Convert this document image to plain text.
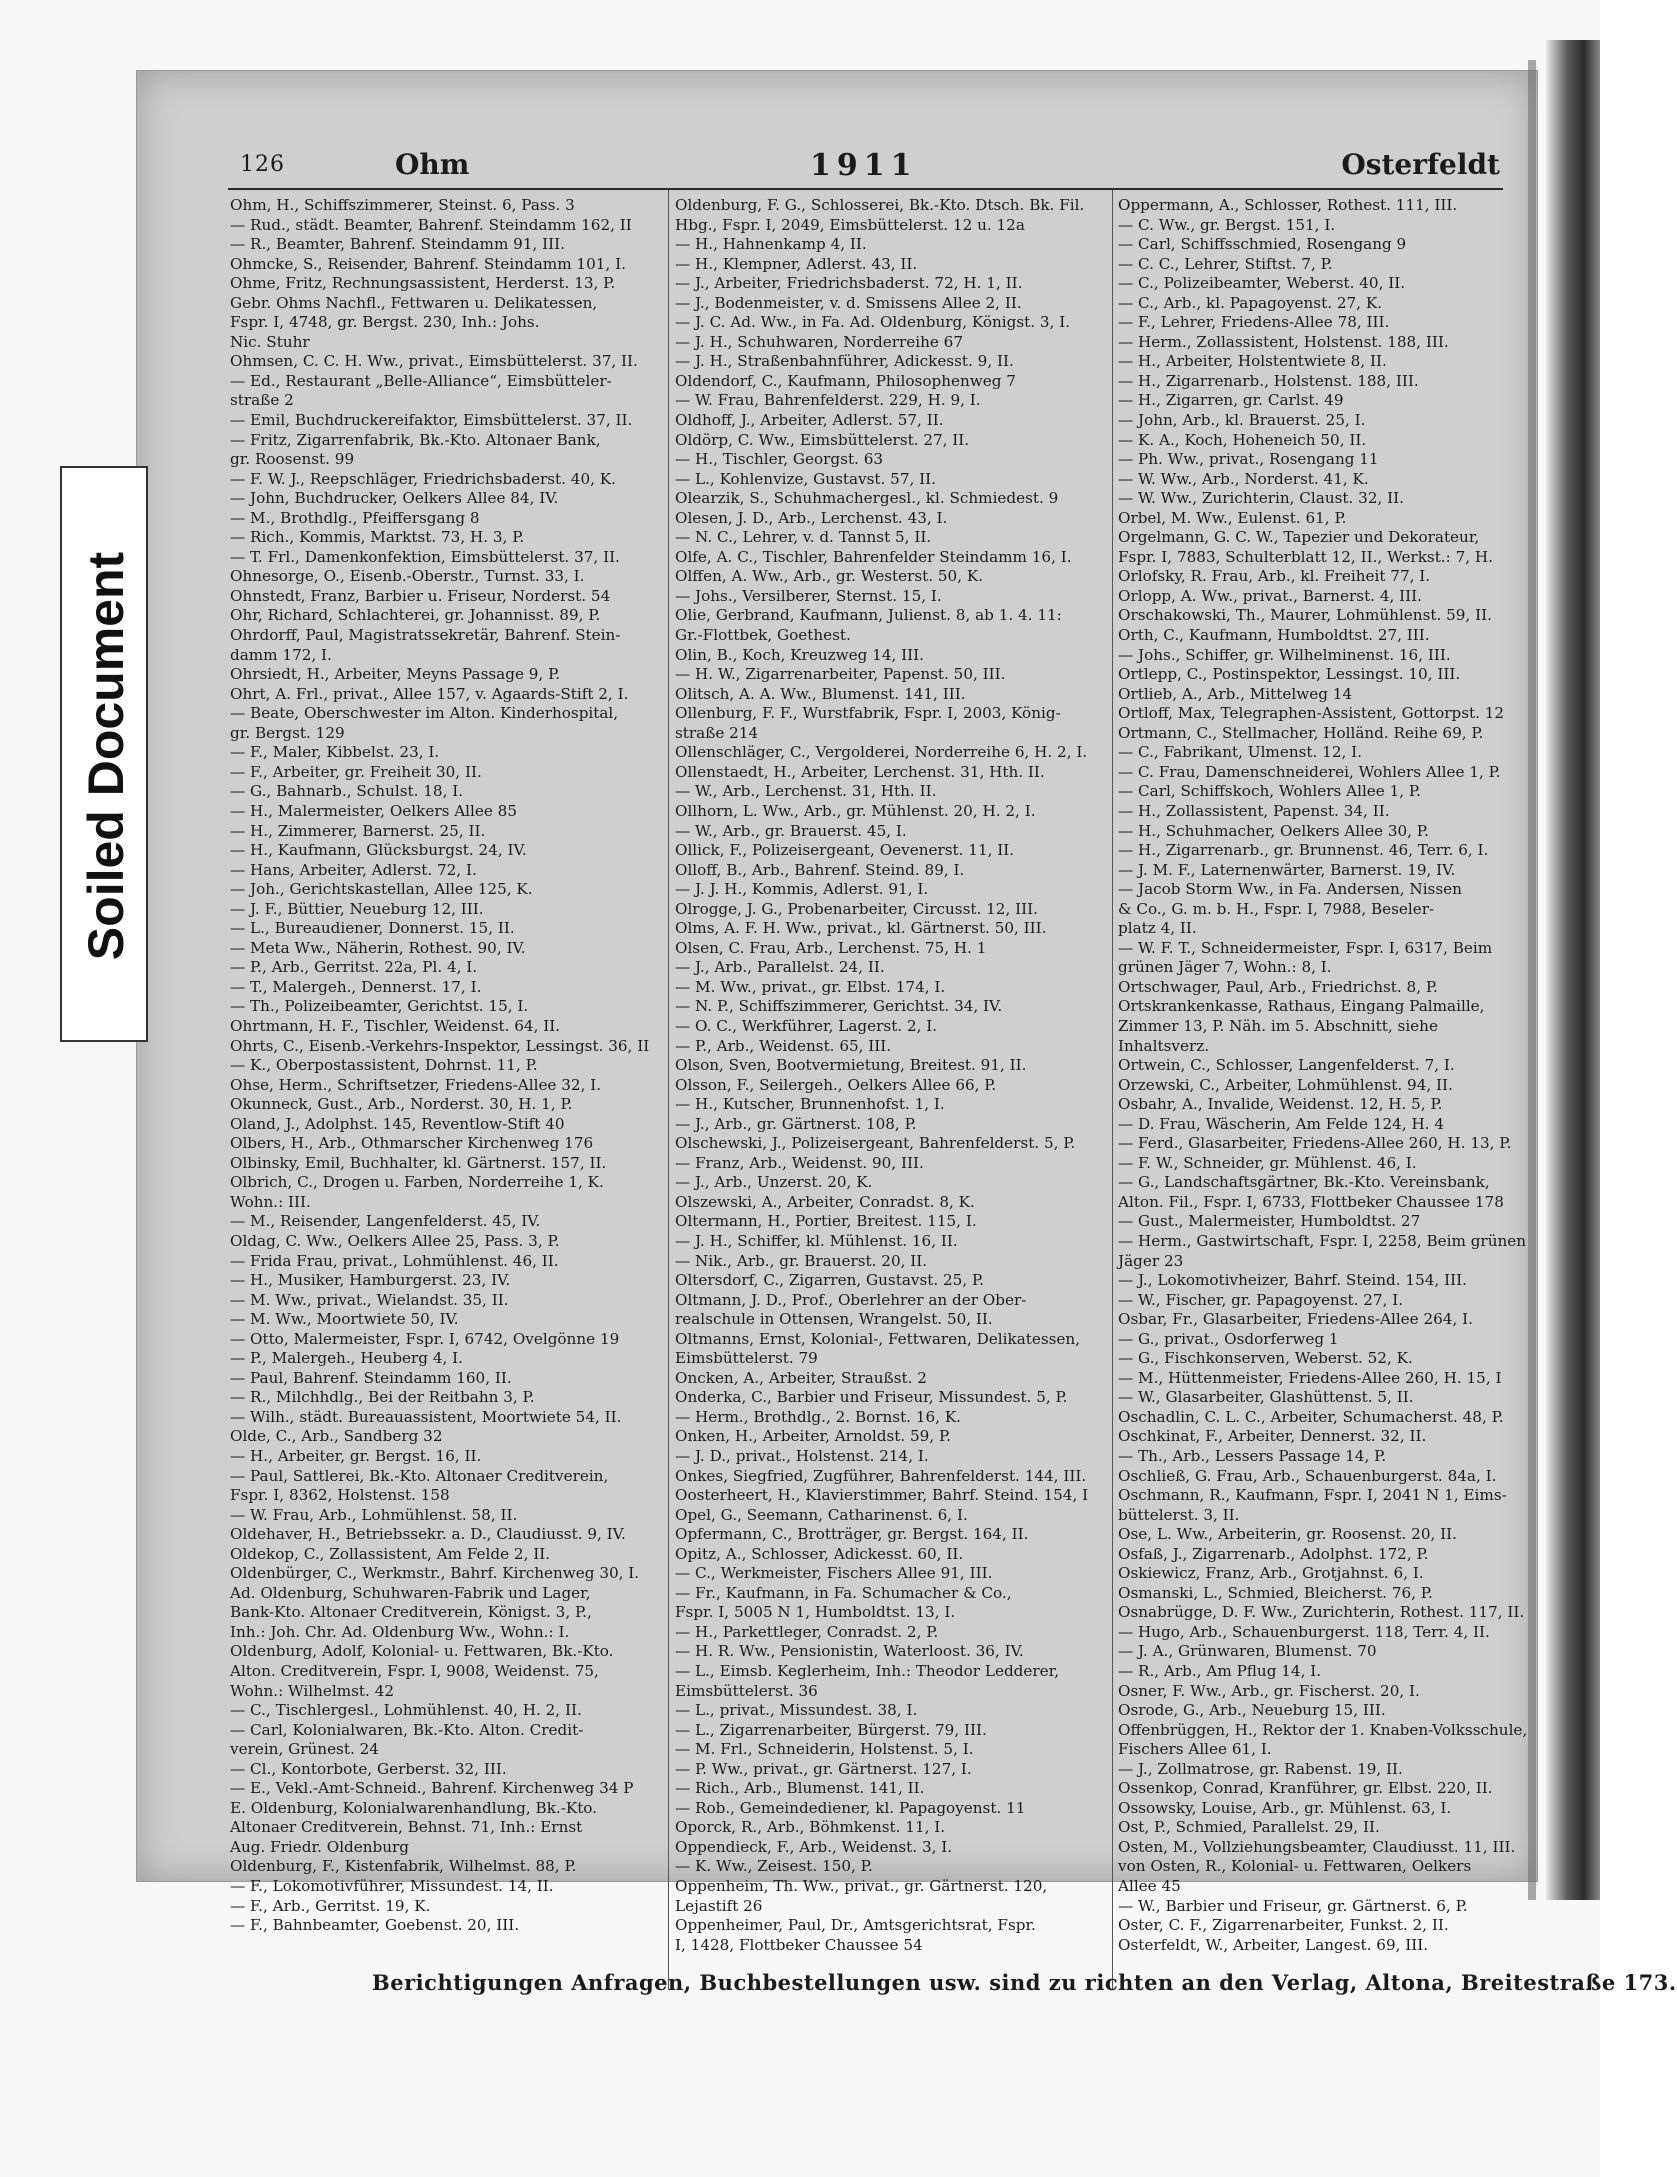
126	Ohm	1911	Osterfeldt
Ohm, H., Schiffszimmerer, Steinst. 6, Pass. 3
— Rud., städt. Beamter, Bahrenf. Steindamm 162, II
— R., Beamter, Bahrenf. Steindamm 91, III.
Ohmcke, S., Reisender, Bahrenf. Steindamm 101, I.
Ohme, Fritz, Rechnungsassistent, Herderst. 13, P.
Gebr. Ohms Nachfl., Fettwaren u. Delikatessen,
Fspr. I, 4748, gr. Bergst. 230, Inh.: Johs.
Nic. Stuhr
Ohmsen, C. C. H. Ww., privat., Eimsbüttelerst. 37, II.
— Ed., Restaurant „Belle-Alliance“, Eimsbütteler-
straße 2
— Emil, Buchdruckereifaktor, Eimsbüttelerst. 37, II.
— Fritz, Zigarrenfabrik, Bk.-Kto. Altonaer Bank,
gr. Roosenst. 99
— F. W. J., Reepschläger, Friedrichsbaderst. 40, K.
— John, Buchdrucker, Oelkers Allee 84, IV.
— M., Brothdlg., Pfeiffersgang 8
— Rich., Kommis, Marktst. 73, H. 3, P.
— T. Frl., Damenkonfektion, Eimsbüttelerst. 37, II.
Ohnesorge, O., Eisenb.-Oberstr., Turnst. 33, I.
Ohnstedt, Franz, Barbier u. Friseur, Norderst. 54
Ohr, Richard, Schlachterei, gr. Johannisst. 89, P.
Ohrdorff, Paul, Magistratssekretär, Bahrenf. Stein-
damm 172, I.
Ohrsiedt, H., Arbeiter, Meyns Passage 9, P.
Ohrt, A. Frl., privat., Allee 157, v. Agaards-Stift 2, I.
— Beate, Oberschwester im Alton. Kinderhospital,
gr. Bergst. 129
— F., Maler, Kibbelst. 23, I.
— F., Arbeiter, gr. Freiheit 30, II.
— G., Bahnarb., Schulst. 18, I.
— H., Malermeister, Oelkers Allee 85
— H., Zimmerer, Barnerst. 25, II.
— H., Kaufmann, Glücksburgst. 24, IV.
— Hans, Arbeiter, Adlerst. 72, I.
— Joh., Gerichtskastellan, Allee 125, K.
— J. F., Büttier, Neueburg 12, III.
— L., Bureaudiener, Donnerst. 15, II.
— Meta Ww., Näherin, Rothest. 90, IV.
— P., Arb., Gerritst. 22a, Pl. 4, I.
— T., Malergeh., Dennerst. 17, I.
— Th., Polizeibeamter, Gerichtst. 15, I.
Ohrtmann, H. F., Tischler, Weidenst. 64, II.
Ohrts, C., Eisenb.-Verkehrs-Inspektor, Lessingst. 36, II
— K., Oberpostassistent, Dohrnst. 11, P.
Ohse, Herm., Schriftsetzer, Friedens-Allee 32, I.
Okunneck, Gust., Arb., Norderst. 30, H. 1, P.
Oland, J., Adolphst. 145, Reventlow-Stift 40
Olbers, H., Arb., Othmarscher Kirchenweg 176
Olbinsky, Emil, Buchhalter, kl. Gärtnerst. 157, II.
Olbrich, C., Drogen u. Farben, Norderreihe 1, K.
Wohn.: III.
— M., Reisender, Langenfelderst. 45, IV.
Oldag, C. Ww., Oelkers Allee 25, Pass. 3, P.
— Frida Frau, privat., Lohmühlenst. 46, II.
— H., Musiker, Hamburgerst. 23, IV.
— M. Ww., privat., Wielandst. 35, II.
— M. Ww., Moortwiete 50, IV.
— Otto, Malermeister, Fspr. I, 6742, Ovelgönne 19
— P., Malergeh., Heuberg 4, I.
— Paul, Bahrenf. Steindamm 160, II.
— R., Milchhdlg., Bei der Reitbahn 3, P.
— Wilh., städt. Bureauassistent, Moortwiete 54, II.
Olde, C., Arb., Sandberg 32
— H., Arbeiter, gr. Bergst. 16, II.
— Paul, Sattlerei, Bk.-Kto. Altonaer Creditverein,
Fspr. I, 8362, Holstenst. 158
— W. Frau, Arb., Lohmühlenst. 58, II.
Oldehaver, H., Betriebssekr. a. D., Claudiusst. 9, IV.
Oldekop, C., Zollassistent, Am Felde 2, II.
Oldenbürger, C., Werkmstr., Bahrf. Kirchenweg 30, I.
Ad. Oldenburg, Schuhwaren-Fabrik und Lager,
Bank-Kto. Altonaer Creditverein, Königst. 3, P.,
Inh.: Joh. Chr. Ad. Oldenburg Ww., Wohn.: I.
Oldenburg, Adolf, Kolonial- u. Fettwaren, Bk.-Kto.
Alton. Creditverein, Fspr. I, 9008, Weidenst. 75,
Wohn.: Wilhelmst. 42
— C., Tischlergesl., Lohmühlenst. 40, H. 2, II.
— Carl, Kolonialwaren, Bk.-Kto. Alton. Credit-
verein, Grünest. 24
— Cl., Kontorbote, Gerberst. 32, III.
— E., Vekl.-Amt-Schneid., Bahrenf. Kirchenweg 34 P
E. Oldenburg, Kolonialwarenhandlung, Bk.-Kto.
Altonaer Creditverein, Behnst. 71, Inh.: Ernst
Aug. Friedr. Oldenburg
Oldenburg, F., Kistenfabrik, Wilhelmst. 88, P.
— F., Lokomotivführer, Missundest. 14, II.
— F., Arb., Gerritst. 19, K.
— F., Bahnbeamter, Goebenst. 20, III.
Oldenburg, F. G., Schlosserei, Bk.-Kto. Dtsch. Bk. Fil.
Hbg., Fspr. I, 2049, Eimsbüttelerst. 12 u. 12a
— H., Hahnenkamp 4, II.
— H., Klempner, Adlerst. 43, II.
— J., Arbeiter, Friedrichsbaderst. 72, H. 1, II.
— J., Bodenmeister, v. d. Smissens Allee 2, II.
— J. C. Ad. Ww., in Fa. Ad. Oldenburg, Königst. 3, I.
— J. H., Schuhwaren, Norderreihe 67
— J. H., Straßenbahnführer, Adickesst. 9, II.
Oldendorf, C., Kaufmann, Philosophenweg 7
— W. Frau, Bahrenfelderst. 229, H. 9, I.
Oldhoff, J., Arbeiter, Adlerst. 57, II.
Oldörp, C. Ww., Eimsbüttelerst. 27, II.
— H., Tischler, Georgst. 63
— L., Kohlenvize, Gustavst. 57, II.
Olearzik, S., Schuhmachergesl., kl. Schmiedest. 9
Olesen, J. D., Arb., Lerchenst. 43, I.
— N. C., Lehrer, v. d. Tannst 5, II.
Olfe, A. C., Tischler, Bahrenfelder Steindamm 16, I.
Olffen, A. Ww., Arb., gr. Westerst. 50, K.
— Johs., Versilberer, Sternst. 15, I.
Olie, Gerbrand, Kaufmann, Julienst. 8, ab 1. 4. 11:
Gr.-Flottbek, Goethest.
Olin, B., Koch, Kreuzweg 14, III.
— H. W., Zigarrenarbeiter, Papenst. 50, III.
Olitsch, A. A. Ww., Blumenst. 141, III.
Ollenburg, F. F., Wurstfabrik, Fspr. I, 2003, König-
straße 214
Ollenschläger, C., Vergolderei, Norderreihe 6, H. 2, I.
Ollenstaedt, H., Arbeiter, Lerchenst. 31, Hth. II.
— W., Arb., Lerchenst. 31, Hth. II.
Ollhorn, L. Ww., Arb., gr. Mühlenst. 20, H. 2, I.
— W., Arb., gr. Brauerst. 45, I.
Ollick, F., Polizeisergeant, Oevenerst. 11, II.
Olloff, B., Arb., Bahrenf. Steind. 89, I.
— J. J. H., Kommis, Adlerst. 91, I.
Olrogge, J. G., Probenarbeiter, Circusst. 12, III.
Olms, A. F. H. Ww., privat., kl. Gärtnerst. 50, III.
Olsen, C. Frau, Arb., Lerchenst. 75, H. 1
— J., Arb., Parallelst. 24, II.
— M. Ww., privat., gr. Elbst. 174, I.
— N. P., Schiffszimmerer, Gerichtst. 34, IV.
— O. C., Werkführer, Lagerst. 2, I.
— P., Arb., Weidenst. 65, III.
Olson, Sven, Bootvermietung, Breitest. 91, II.
Olsson, F., Seilergeh., Oelkers Allee 66, P.
— H., Kutscher, Brunnenhofst. 1, I.
— J., Arb., gr. Gärtnerst. 108, P.
Olschewski, J., Polizeisergeant, Bahrenfelderst. 5, P.
— Franz, Arb., Weidenst. 90, III.
— J., Arb., Unzerst. 20, K.
Olszewski, A., Arbeiter, Conradst. 8, K.
Oltermann, H., Portier, Breitest. 115, I.
— J. H., Schiffer, kl. Mühlenst. 16, II.
— Nik., Arb., gr. Brauerst. 20, II.
Oltersdorf, C., Zigarren, Gustavst. 25, P.
Oltmann, J. D., Prof., Oberlehrer an der Ober-
realschule in Ottensen, Wrangelst. 50, II.
Oltmanns, Ernst, Kolonial-, Fettwaren, Delikatessen,
Eimsbüttelerst. 79
Oncken, A., Arbeiter, Straußst. 2
Onderka, C., Barbier und Friseur, Missundest. 5, P.
— Herm., Brothdlg., 2. Bornst. 16, K.
Onken, H., Arbeiter, Arnoldst. 59, P.
— J. D., privat., Holstenst. 214, I.
Onkes, Siegfried, Zugführer, Bahrenfelderst. 144, III.
Oosterheert, H., Klavierstimmer, Bahrf. Steind. 154, I
Opel, G., Seemann, Catharinenst. 6, I.
Opfermann, C., Brotträger, gr. Bergst. 164, II.
Opitz, A., Schlosser, Adickesst. 60, II.
— C., Werkmeister, Fischers Allee 91, III.
— Fr., Kaufmann, in Fa. Schumacher & Co.,
Fspr. I, 5005 N 1, Humboldtst. 13, I.
— H., Parkettleger, Conradst. 2, P.
— H. R. Ww., Pensionistin, Waterloost. 36, IV.
— L., Eimsb. Keglerheim, Inh.: Theodor Ledderer,
Eimsbüttelerst. 36
— L., privat., Missundest. 38, I.
— L., Zigarrenarbeiter, Bürgerst. 79, III.
— M. Frl., Schneiderin, Holstenst. 5, I.
— P. Ww., privat., gr. Gärtnerst. 127, I.
— Rich., Arb., Blumenst. 141, II.
— Rob., Gemeindediener, kl. Papagoyenst. 11
Oporck, R., Arb., Böhmkenst. 11, I.
Oppendieck, F., Arb., Weidenst. 3, I.
— K. Ww., Zeisest. 150, P.
Oppenheim, Th. Ww., privat., gr. Gärtnerst. 120,
Lejastift 26
Oppenheimer, Paul, Dr., Amtsgerichtsrat, Fspr.
I, 1428, Flottbeker Chaussee 54
Oppermann, A., Schlosser, Rothest. 111, III.
— C. Ww., gr. Bergst. 151, I.
— Carl, Schiffsschmied, Rosengang 9
— C. C., Lehrer, Stiftst. 7, P.
— C., Polizeibeamter, Weberst. 40, II.
— C., Arb., kl. Papagoyenst. 27, K.
— F., Lehrer, Friedens-Allee 78, III.
— Herm., Zollassistent, Holstenst. 188, III.
— H., Arbeiter, Holstentwiete 8, II.
— H., Zigarrenarb., Holstenst. 188, III.
— H., Zigarren, gr. Carlst. 49
— John, Arb., kl. Brauerst. 25, I.
— K. A., Koch, Hoheneich 50, II.
— Ph. Ww., privat., Rosengang 11
— W. Ww., Arb., Norderst. 41, K.
— W. Ww., Zurichterin, Claust. 32, II.
Orbel, M. Ww., Eulenst. 61, P.
Orgelmann, G. C. W., Tapezier und Dekorateur,
Fspr. I, 7883, Schulterblatt 12, II., Werkst.: 7, H.
Orlofsky, R. Frau, Arb., kl. Freiheit 77, I.
Orlopp, A. Ww., privat., Barnerst. 4, III.
Orschakowski, Th., Maurer, Lohmühlenst. 59, II.
Orth, C., Kaufmann, Humboldtst. 27, III.
— Johs., Schiffer, gr. Wilhelminenst. 16, III.
Ortlepp, C., Postinspektor, Lessingst. 10, III.
Ortlieb, A., Arb., Mittelweg 14
Ortloff, Max, Telegraphen-Assistent, Gottorpst. 12
Ortmann, C., Stellmacher, Holländ. Reihe 69, P.
— C., Fabrikant, Ulmenst. 12, I.
— C. Frau, Damenschneiderei, Wohlers Allee 1, P.
— Carl, Schiffskoch, Wohlers Allee 1, P.
— H., Zollassistent, Papenst. 34, II.
— H., Schuhmacher, Oelkers Allee 30, P.
— H., Zigarrenarb., gr. Brunnenst. 46, Terr. 6, I.
— J. M. F., Laternenwärter, Barnerst. 19, IV.
— Jacob Storm Ww., in Fa. Andersen, Nissen
& Co., G. m. b. H., Fspr. I, 7988, Beseler-
platz 4, II.
— W. F. T., Schneidermeister, Fspr. I, 6317, Beim
grünen Jäger 7, Wohn.: 8, I.
Ortschwager, Paul, Arb., Friedrichst. 8, P.
Ortskrankenkasse, Rathaus, Eingang Palmaille,
Zimmer 13, P. Näh. im 5. Abschnitt, siehe
Inhaltsverz.
Ortwein, C., Schlosser, Langenfelderst. 7, I.
Orzewski, C., Arbeiter, Lohmühlenst. 94, II.
Osbahr, A., Invalide, Weidenst. 12, H. 5, P.
— D. Frau, Wäscherin, Am Felde 124, H. 4
— Ferd., Glasarbeiter, Friedens-Allee 260, H. 13, P.
— F. W., Schneider, gr. Mühlenst. 46, I.
— G., Landschaftsgärtner, Bk.-Kto. Vereinsbank,
Alton. Fil., Fspr. I, 6733, Flottbeker Chaussee 178
— Gust., Malermeister, Humboldtst. 27
— Herm., Gastwirtschaft, Fspr. I, 2258, Beim grünen
Jäger 23
— J., Lokomotivheizer, Bahrf. Steind. 154, III.
— W., Fischer, gr. Papagoyenst. 27, I.
Osbar, Fr., Glasarbeiter, Friedens-Allee 264, I.
— G., privat., Osdorferweg 1
— G., Fischkonserven, Weberst. 52, K.
— M., Hüttenmeister, Friedens-Allee 260, H. 15, I
— W., Glasarbeiter, Glashüttenst. 5, II.
Oschadlin, C. L. C., Arbeiter, Schumacherst. 48, P.
Oschkinat, F., Arbeiter, Dennerst. 32, II.
— Th., Arb., Lessers Passage 14, P.
Oschließ, G. Frau, Arb., Schauenburgerst. 84a, I.
Oschmann, R., Kaufmann, Fspr. I, 2041 N 1, Eims-
büttelerst. 3, II.
Ose, L. Ww., Arbeiterin, gr. Roosenst. 20, II.
Osfaß, J., Zigarrenarb., Adolphst. 172, P.
Oskiewicz, Franz, Arb., Grotjahnst. 6, I.
Osmanski, L., Schmied, Bleicherst. 76, P.
Osnabrügge, D. F. Ww., Zurichterin, Rothest. 117, II.
— Hugo, Arb., Schauenburgerst. 118, Terr. 4, II.
— J. A., Grünwaren, Blumenst. 70
— R., Arb., Am Pflug 14, I.
Osner, F. Ww., Arb., gr. Fischerst. 20, I.
Osrode, G., Arb., Neueburg 15, III.
Offenbrüggen, H., Rektor der 1. Knaben-Volksschule,
Fischers Allee 61, I.
— J., Zollmatrose, gr. Rabenst. 19, II.
Ossenkop, Conrad, Kranführer, gr. Elbst. 220, II.
Ossowsky, Louise, Arb., gr. Mühlenst. 63, I.
Ost, P., Schmied, Parallelst. 29, II.
Osten, M., Vollziehungsbeamter, Claudiusst. 11, III.
von Osten, R., Kolonial- u. Fettwaren, Oelkers
Allee 45
— W., Barbier und Friseur, gr. Gärtnerst. 6, P.
Oster, C. F., Zigarrenarbeiter, Funkst. 2, II.
Osterfeldt, W., Arbeiter, Langest. 69, III.
Berichtigungen Anfragen, Buchbestellungen usw. sind zu richten an den Verlag, Altona, Breitestraße 173.
Soiled Document
